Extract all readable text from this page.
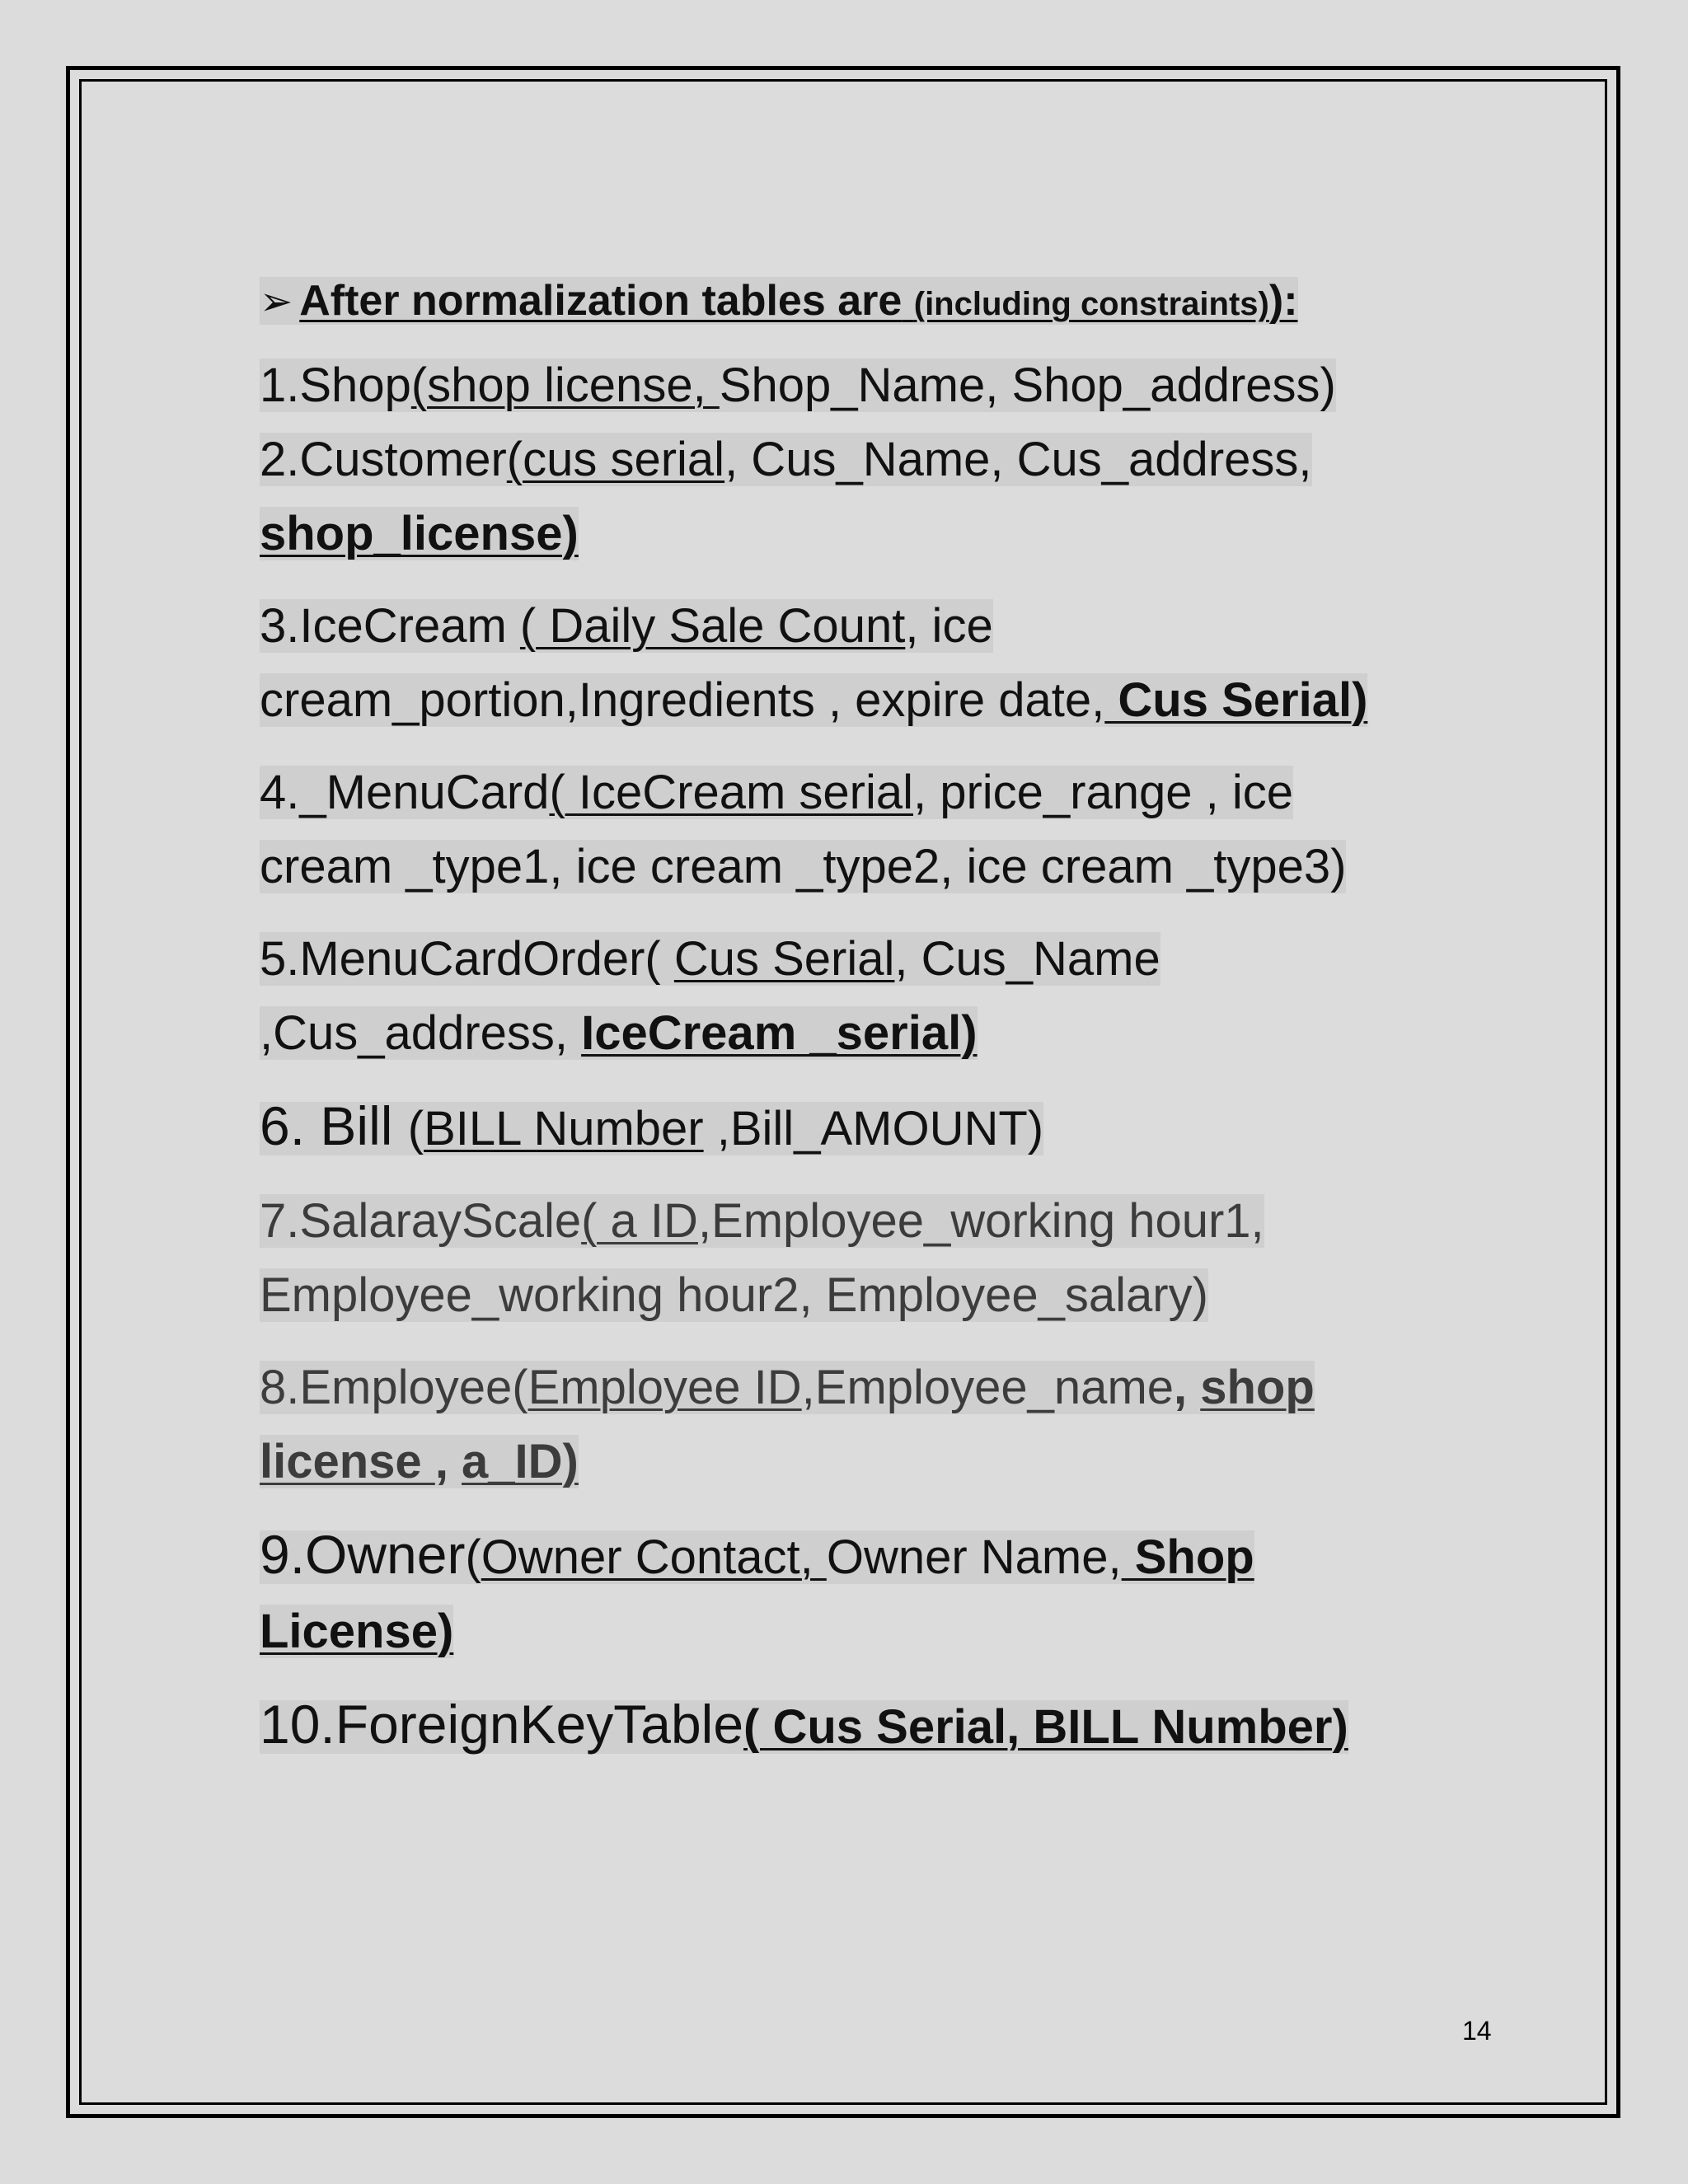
➢ After normalization tables are (including constraints)):
1.Shop(shop license, Shop_Name, Shop_address)
2.Customer(cus serial, Cus_Name, Cus_address,
shop_license)
3.IceCream ( Daily Sale Count, ice
cream_portion,Ingredients , expire date, Cus Serial)
4._MenuCard( IceCream serial, price_range , ice
cream _type1, ice cream _type2, ice cream _type3)
5.MenuCardOrder( Cus Serial, Cus_Name
,Cus_address, IceCream _serial)
6. Bill (BILL Number ,Bill_AMOUNT)
7.SalarayScale( a ID,Employee_working hour1,
Employee_working hour2, Employee_salary)
8.Employee(Employee ID,Employee_name, shop
license , a_ID)
9.Owner(Owner Contact, Owner Name, Shop
License)
10.ForeignKeyTable( Cus Serial, BILL Number)
14
